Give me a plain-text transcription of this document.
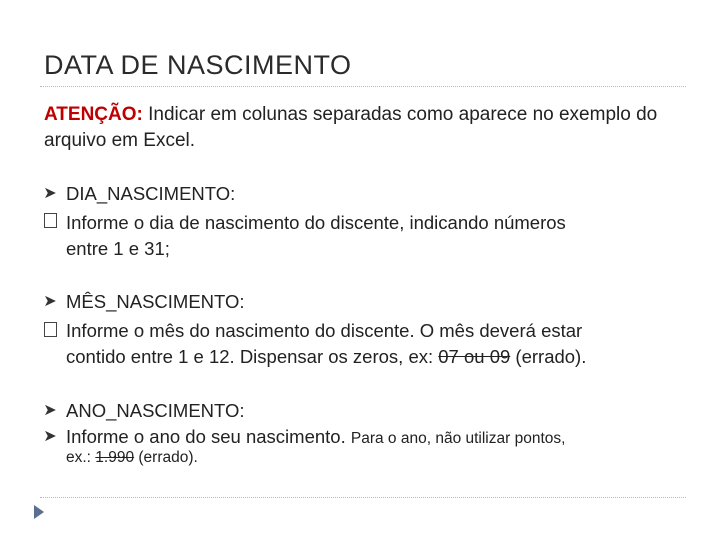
DATA DE NASCIMENTO
ATENÇÃO: Indicar em colunas separadas como aparece no exemplo do arquivo em Excel.
➤ DIA_NASCIMENTO:
Informe o dia de nascimento do discente, indicando números
entre 1 e 31;
➤ MÊS_NASCIMENTO:
Informe o mês do nascimento do discente. O mês deverá estar
contido entre 1 e 12. Dispensar os zeros, ex: 07 ou 09 (errado).
➤ ANO_NASCIMENTO:
➤ Informe o ano do seu nascimento. Para o ano, não utilizar pontos,
ex.: 1.990 (errado).
